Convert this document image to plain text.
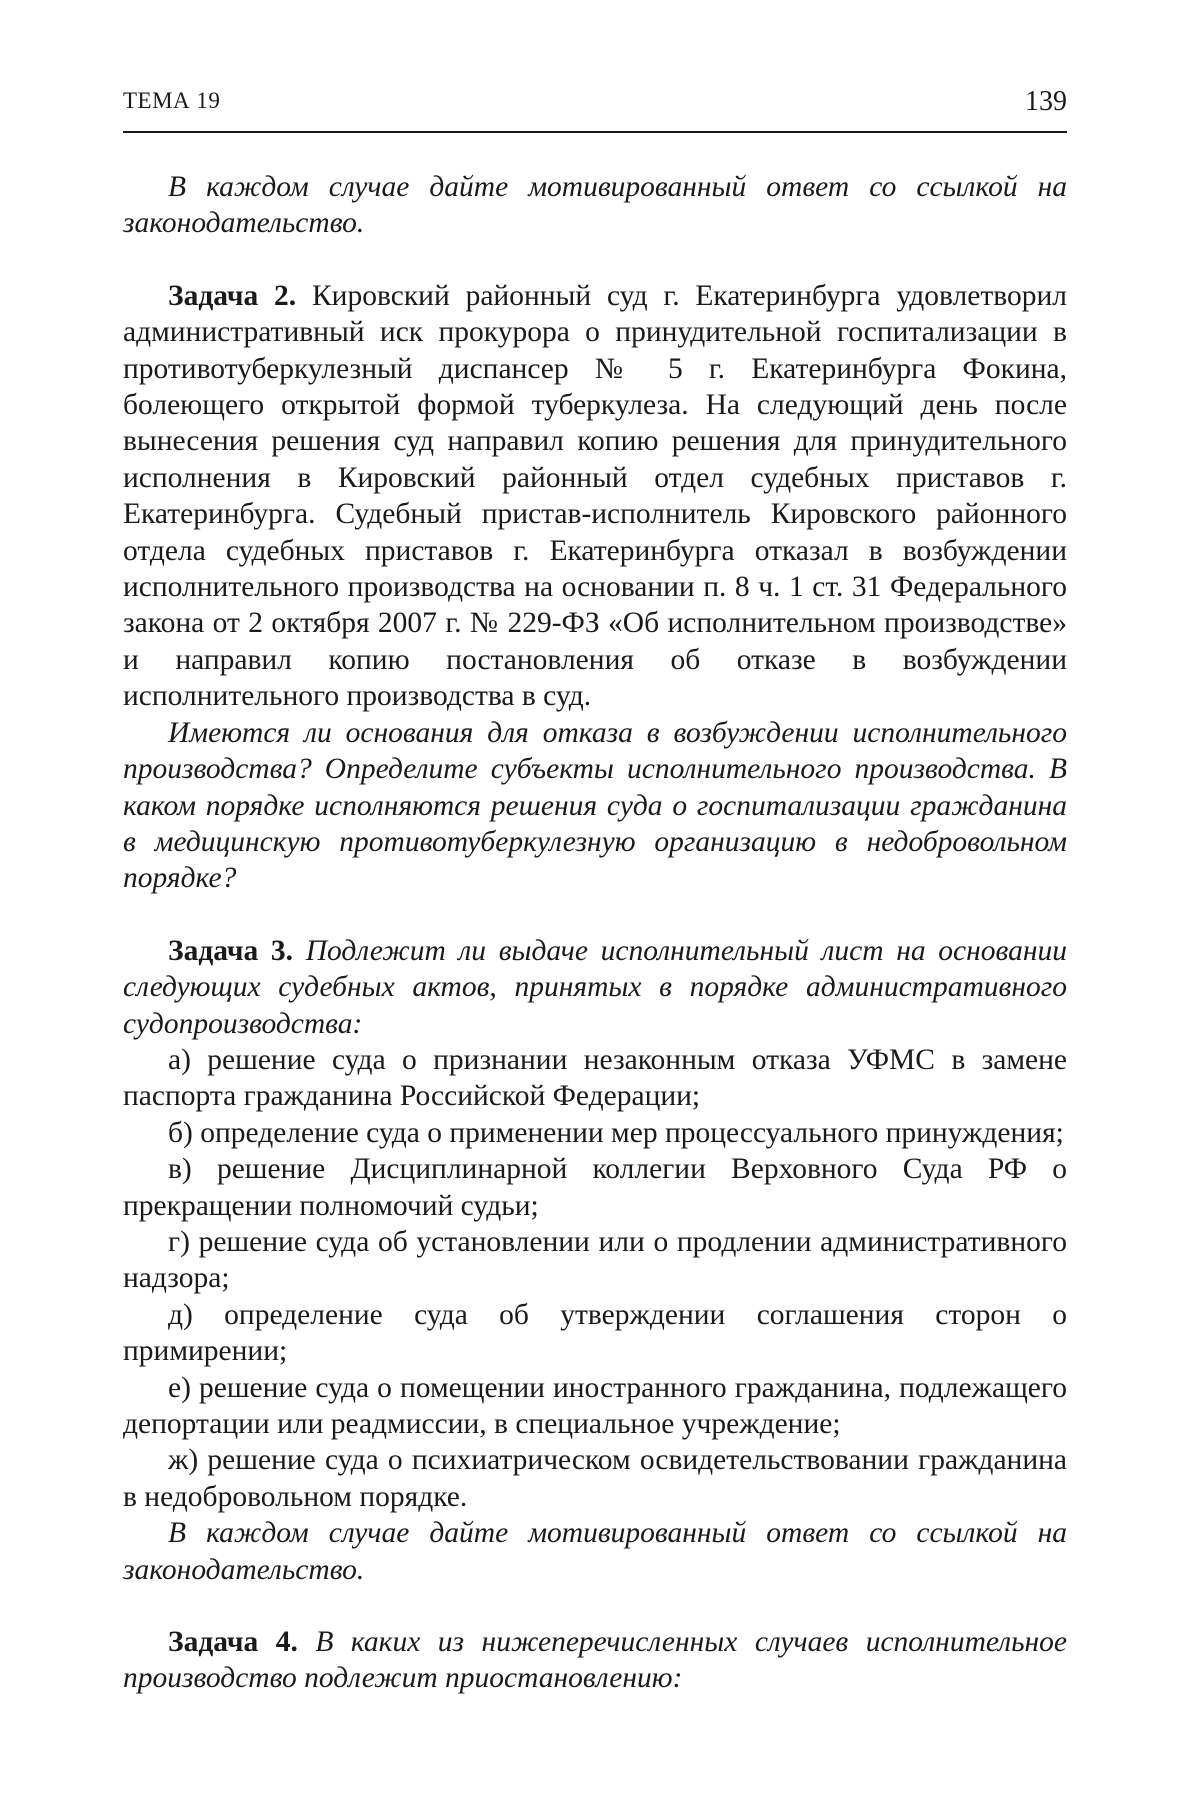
ТЕМА 19	139

В каждом случае дайте мотивированный ответ со ссылкой на законодательство.

Задача 2. Кировский районный суд г. Екатеринбурга удовлетворил административный иск прокурора о принудительной госпитализации в противотуберкулезный диспансер № 5 г. Екатеринбурга Фокина, болеющего открытой формой туберкулеза. На следующий день после вынесения решения суд направил копию решения для принудительного исполнения в Кировский районный отдел судебных приставов г. Екатеринбурга. Судебный пристав-исполнитель Кировского районного отдела судебных приставов г. Екатеринбурга отказал в возбуждении исполнительного производства на основании п. 8 ч. 1 ст. 31 Федерального закона от 2 октября 2007 г. № 229-ФЗ «Об исполнительном производстве» и направил копию постановления об отказе в возбуждении исполнительного производства в суд.

Имеются ли основания для отказа в возбуждении исполнительного производства? Определите субъекты исполнительного производства. В каком порядке исполняются решения суда о госпитализации гражданина в медицинскую противотуберкулезную организацию в недобровольном порядке?

Задача 3. Подлежит ли выдаче исполнительный лист на основании следующих судебных актов, принятых в порядке административного судопроизводства:

а) решение суда о признании незаконным отказа УФМС в замене паспорта гражданина Российской Федерации;

б) определение суда о применении мер процессуального принуждения;

в) решение Дисциплинарной коллегии Верховного Суда РФ о прекращении полномочий судьи;

г) решение суда об установлении или о продлении административного надзора;

д) определение суда об утверждении соглашения сторон о примирении;

е) решение суда о помещении иностранного гражданина, подлежащего депортации или реадмиссии, в специальное учреждение;

ж) решение суда о психиатрическом освидетельствовании гражданина в недобровольном порядке.

В каждом случае дайте мотивированный ответ со ссылкой на законодательство.

Задача 4. В каких из нижеперечисленных случаев исполнительное производство подлежит приостановлению:
